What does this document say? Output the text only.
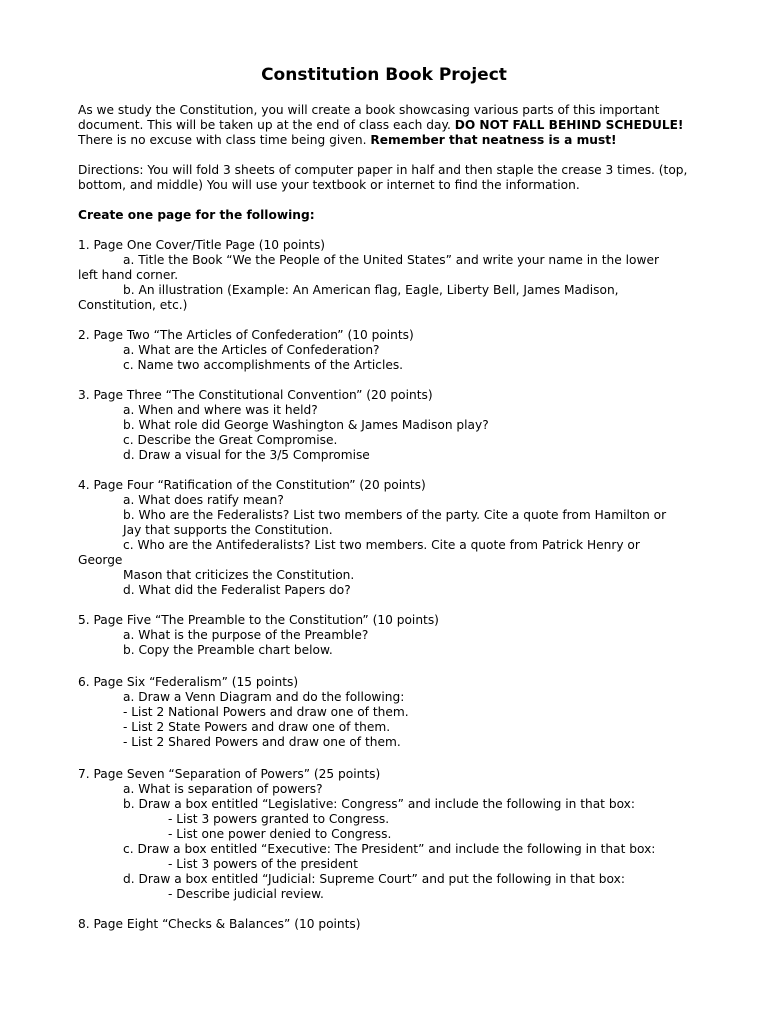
Constitution Book Project

As we study the Constitution, you will create a book showcasing various parts of this important document. This will be taken up at the end of class each day. DO NOT FALL BEHIND SCHEDULE! There is no excuse with class time being given. Remember that neatness is a must!

Directions: You will fold 3 sheets of computer paper in half and then staple the crease 3 times. (top, bottom, and middle) You will use your textbook or internet to find the information.

Create one page for the following:

1. Page One Cover/Title Page (10 points)

a. Title the Book “We the People of the United States” and write your name in the lower

left hand corner.

b. An illustration (Example: An American flag, Eagle, Liberty Bell, James Madison,

Constitution, etc.)

2. Page Two “The Articles of Confederation” (10 points)

a. What are the Articles of Confederation?

c. Name two accomplishments of the Articles.

3. Page Three “The Constitutional Convention” (20 points)

a. When and where was it held?

b. What role did George Washington & James Madison play?

c. Describe the Great Compromise.

d. Draw a visual for the 3/5 Compromise

4. Page Four “Ratification of the Constitution” (20 points)

a. What does ratify mean?

b. Who are the Federalists? List two members of the party. Cite a quote from Hamilton or

Jay that supports the Constitution.

c. Who are the Antifederalists? List two members. Cite a quote from Patrick Henry or

George

Mason that criticizes the Constitution.

d. What did the Federalist Papers do?

5. Page Five “The Preamble to the Constitution” (10 points)

a. What is the purpose of the Preamble?

b. Copy the Preamble chart below.

6. Page Six “Federalism” (15 points)

a. Draw a Venn Diagram and do the following:

- List 2 National Powers and draw one of them.

- List 2 State Powers and draw one of them.

- List 2 Shared Powers and draw one of them.

7. Page Seven “Separation of Powers” (25 points)

a. What is separation of powers?

b. Draw a box entitled “Legislative: Congress” and include the following in that box:

- List 3 powers granted to Congress.

- List one power denied to Congress.

c. Draw a box entitled “Executive: The President” and include the following in that box:

- List 3 powers of the president

d. Draw a box entitled “Judicial: Supreme Court” and put the following in that box:

- Describe judicial review.

8. Page Eight “Checks & Balances” (10 points)
